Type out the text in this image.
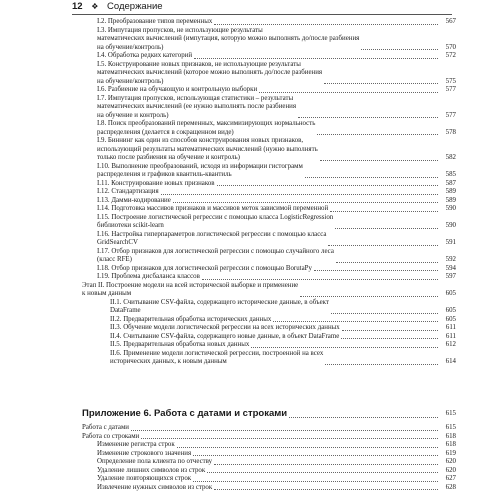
12 ❖ Содержание
I.2. Преобразование типов переменных	567
I.3. Импутация пропусков, не использующие результаты
математических вычислений (импутация, которую можно выполнять до/после разбиения
на обучение/контроль)	570
I.4. Обработка редких категорий	572
I.5. Конструирование новых признаков, не использующие результаты
математических вычислений (которое можно выполнять до/после разбиения
на обучение/контроль)	575
I.6. Разбиение на обучающую и контрольную выборки	577
I.7. Импутация пропусков, использующая статистики – результаты
математических вычислений (ее нужно выполнять после разбиения
на обучение и контроль)	577
I.8. Поиск преобразований переменных, максимизирующих нормальность
распределения (делается в сокращенном виде)	578
I.9. Биннинг как один из способов конструирования новых признаков,
использующий результаты математических вычислений (нужно выполнять
только после разбиения на обучение и контроль)	582
I.10. Выполнение преобразований, исходя из информации гистограмм
распределения и графиков квантиль-квантиль	585
I.11. Конструирование новых признаков	587
I.12. Стандартизация	589
I.13. Дамми-кодирование	589
I.14. Подготовка массивов признаков и массивов меток зависимой переменной	590
I.15. Построение логистической регрессии с помощью класса LogisticRegression
библиотеки scikit-learn	590
I.16. Настройка гиперпараметров логистической регрессии с помощью класса
GridSearchCV	591
I.17. Отбор признаков для логистической регрессии с помощью случайного леса
(класс RFE)	592
I.18. Отбор признаков для логистической регрессии с помощью BorutaPy	594
I.19. Проблема дисбаланса классов	597
Этап II. Построение модели на всей исторической выборке и применение
к новым данным	605
II.1. Считывание CSV-файла, содержащего исторические данные, в объект
DataFrame	605
II.2. Предварительная обработка исторических данных	605
II.3. Обучение модели логистической регрессии на всех исторических данных	611
II.4. Считывание CSV-файла, содержащего новые данные, в объект DataFrame	611
II.5. Предварительная обработка новых данных	612
II.6. Применение модели логистической регрессии, построенной на всех
исторических данных, к новым данным	614
Приложение 6. Работа с датами и строками	615
Работа с датами	615
Работа со строками	618
Изменение регистра строк	618
Изменение строкового значения	619
Определение пола клиента по отчеству	620
Удаление лишних символов из строк	620
Удаление повторяющихся строк	627
Извлечение нужных символов из строк	628
